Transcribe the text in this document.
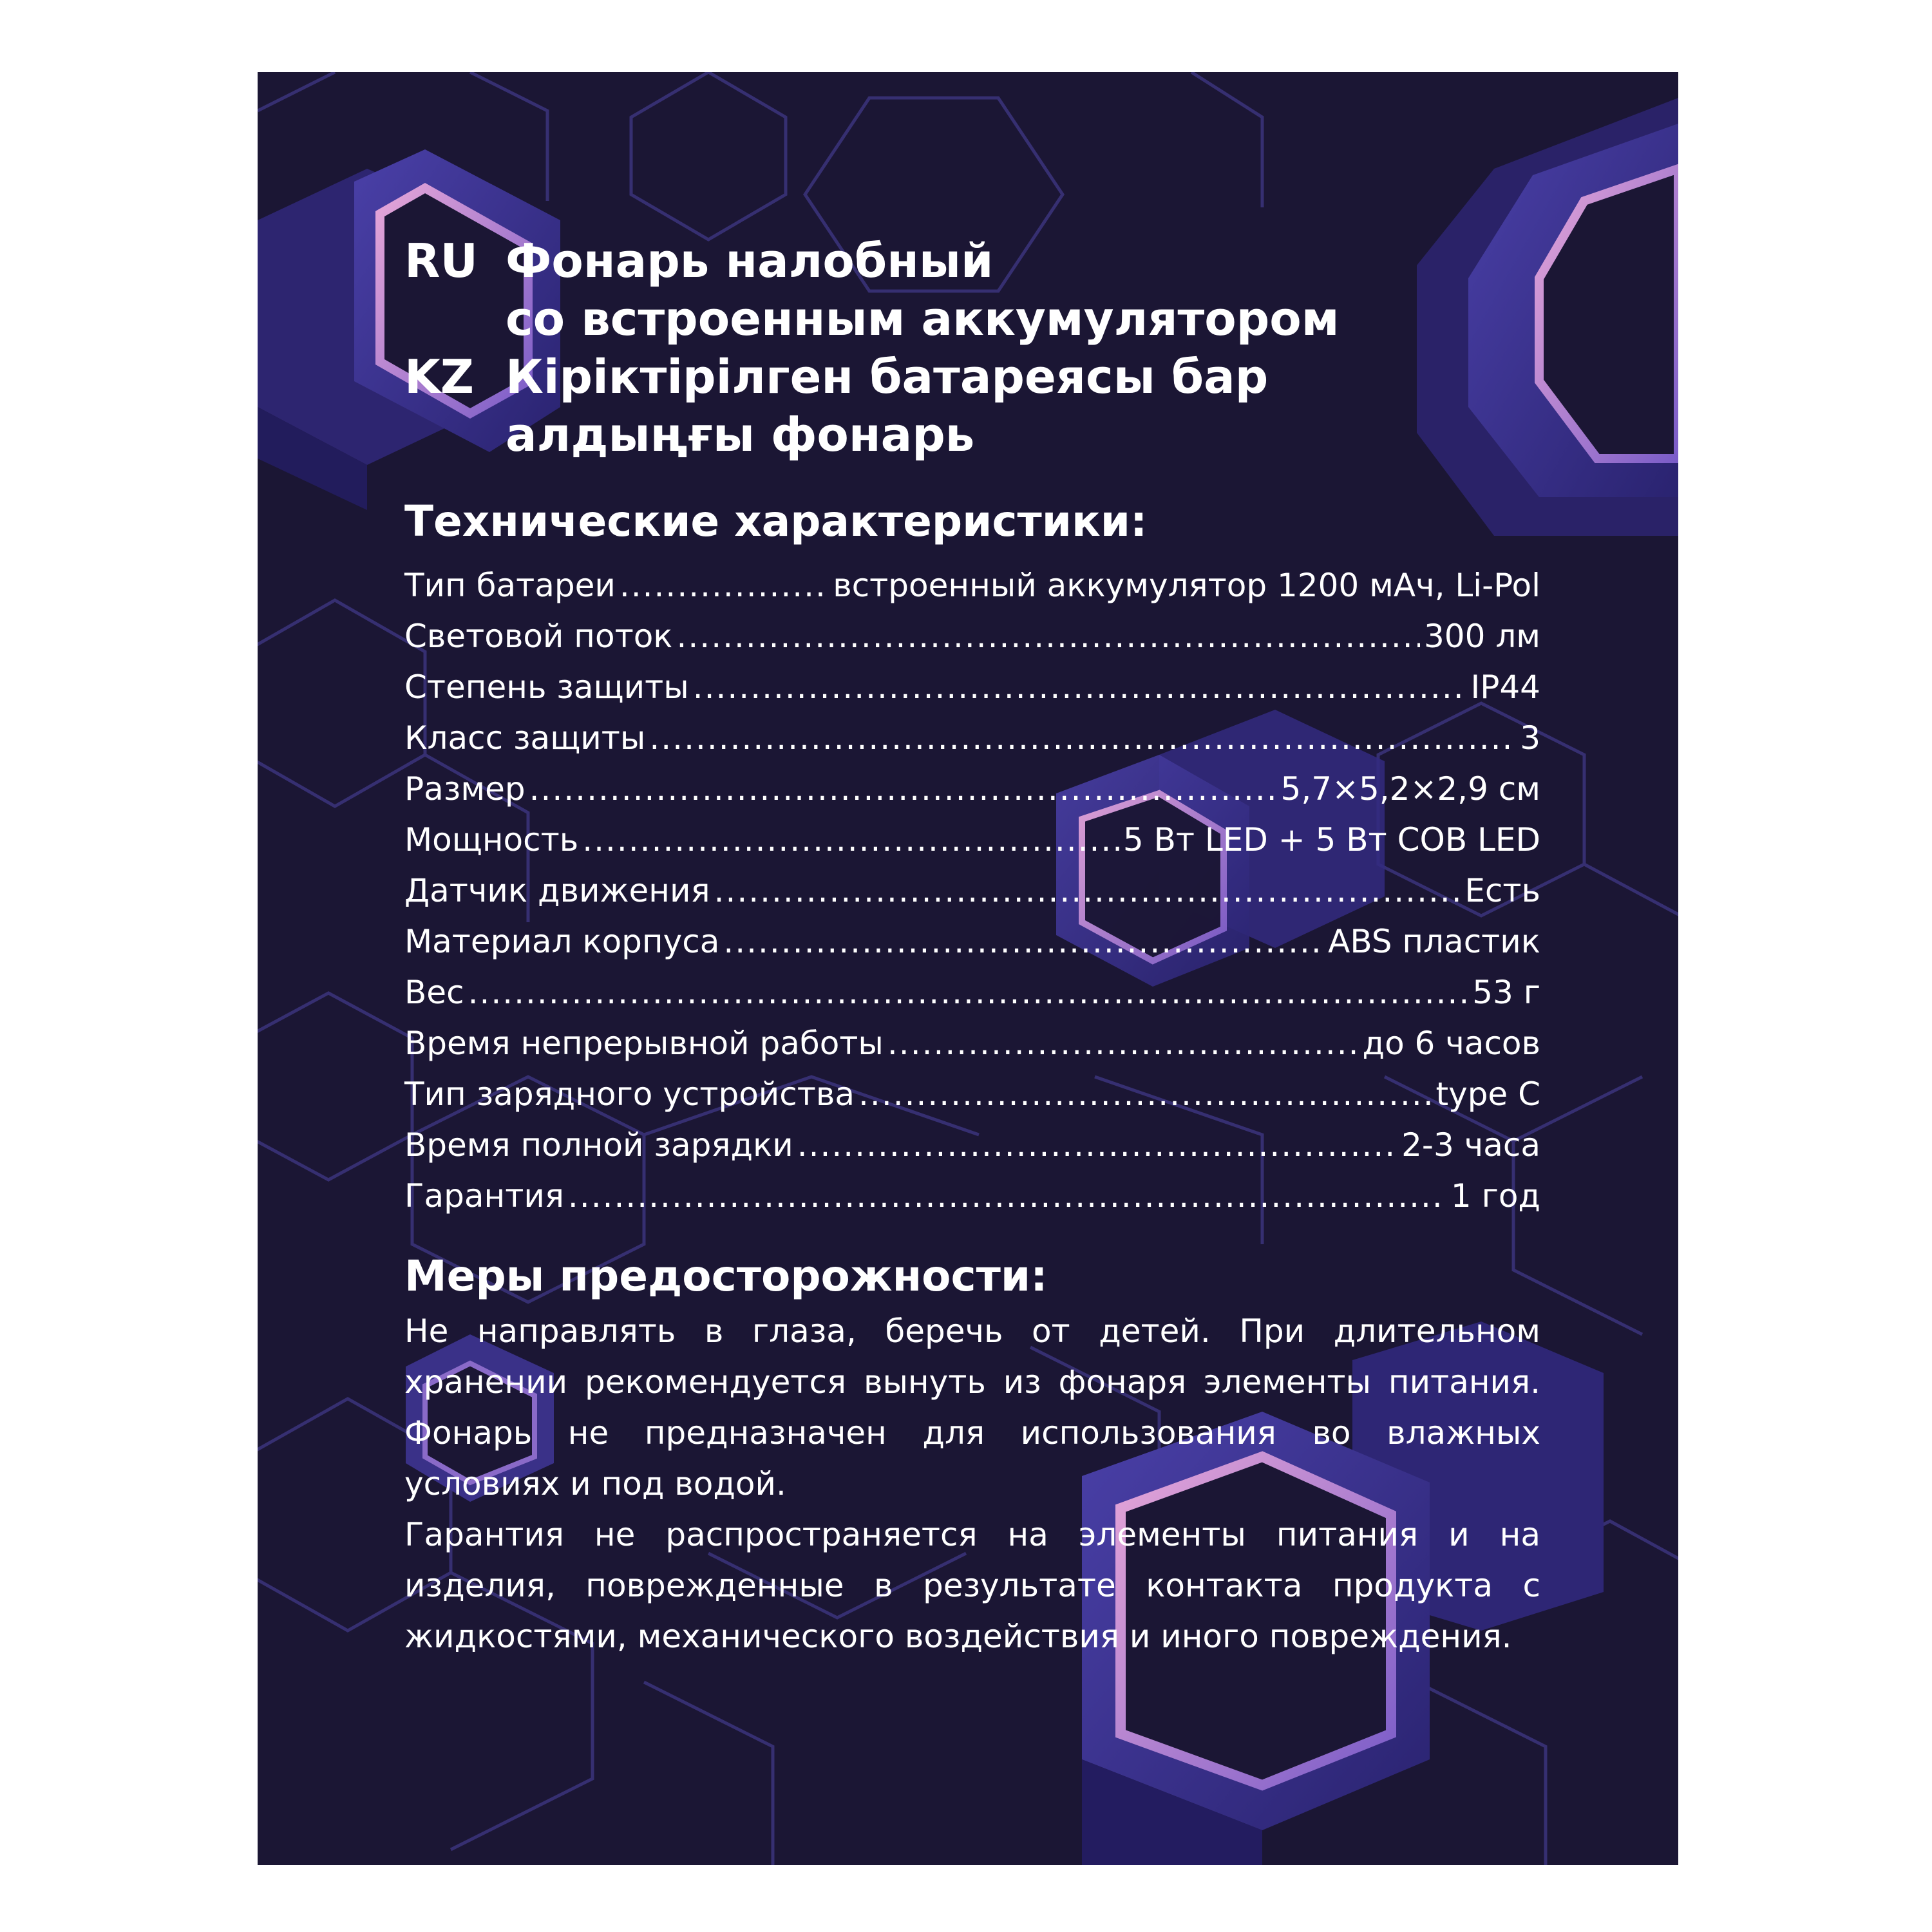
RU Фонарь налобный
со встроенным аккумулятором
KZ Кіріктірілген батареясы бар
алдыңғы фонарь
Технические характеристики:
Тип батареи .....	встроенный аккумулятор 1200 мАч, Li-Pol
Световой поток .....	300 лм
Степень защиты .....	IP44
Класс защиты .....	3
Размер .....	5,7×5,2×2,9 см
Мощность .....	5 Вт LED + 5 Вт COB LED
Датчик движения .....	Есть
Материал корпуса .....	ABS пластик
Вес .....	53 г
Время непрерывной работы .....	до 6 часов
Тип зарядного устройства .....	type C
Время полной зарядки .....	2-3 часа
Гарантия .....	1 год
Меры предосторожности:
Не направлять в глаза, беречь от детей. При длительном хранении рекомендуется вынуть из фонаря элементы питания. Фонарь не предназначен для использования во влажных условиях и под водой.
Гарантия не распространяется на элементы питания и на изделия, поврежденные в результате контакта продукта с жидкостями, механического воздействия и иного повреждения.
